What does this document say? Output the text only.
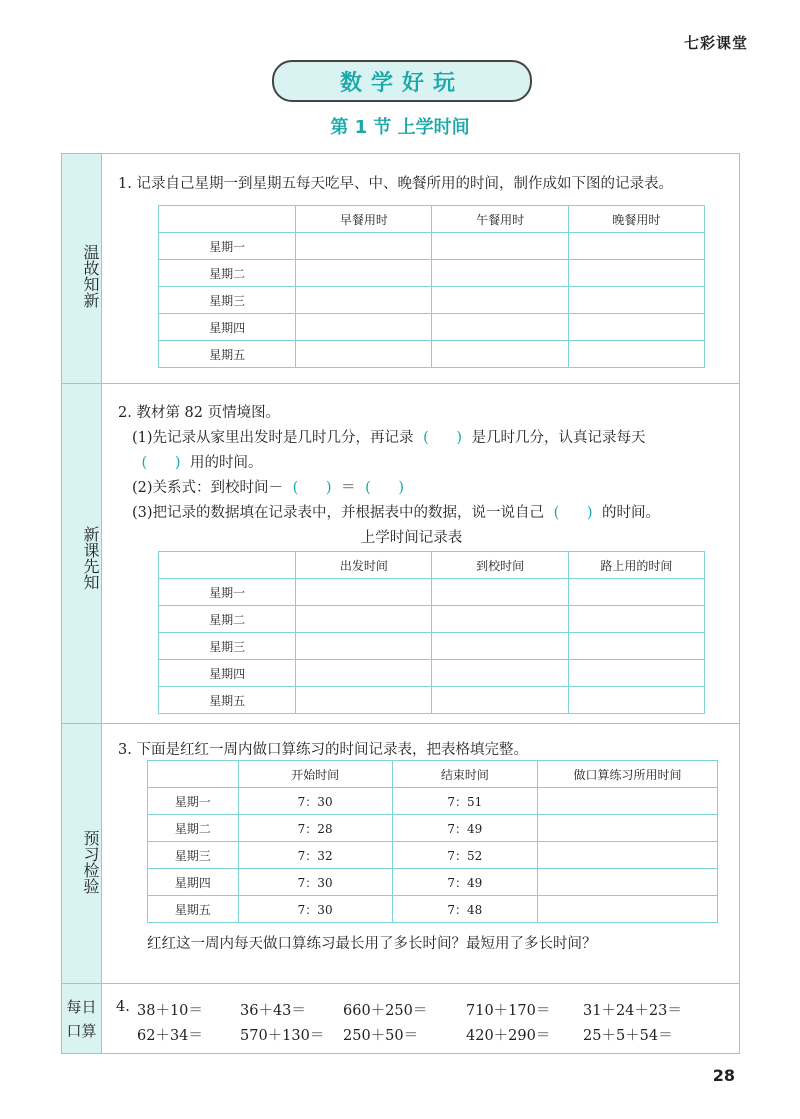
七彩课堂
数学好玩
第 1 节 上学时间
温故知新
新课先知
预习检验
每日
口算
1. 记录自己星期一到星期五每天吃早、中、晚餐所用的时间，制作成如下图的记录表。
	早餐用时	午餐用时	晚餐用时
星期一			
星期二			
星期三			
星期四			
星期五			
2. 教材第 82 页情境图。
(1)先记录从家里出发时是几时几分，再记录 (      ) 是几时几分，认真记录每天
(      ) 用的时间。
(2)关系式：到校时间－ (      ) ＝ (      )
(3)把记录的数据填在记录表中，并根据表中的数据，说一说自己 (      ) 的时间。
上学时间记录表
	出发时间	到校时间	路上用的时间
星期一			
星期二			
星期三			
星期四			
星期五			
3. 下面是红红一周内做口算练习的时间记录表，把表格填完整。
	开始时间	结束时间	做口算练习所用时间
星期一	7：30	7：51	
星期二	7：28	7：49	
星期三	7：32	7：52	
星期四	7：30	7：49	
星期五	7：30	7：48	
红红这一周内每天做口算练习最长用了多长时间？最短用了多长时间？
4. 38＋10＝	36＋43＝	660＋250＝	710＋170＝ 31＋24＋23＝
62＋34＝	570＋130＝ 250＋50＝	420＋290＝ 25＋5＋54＝
28
